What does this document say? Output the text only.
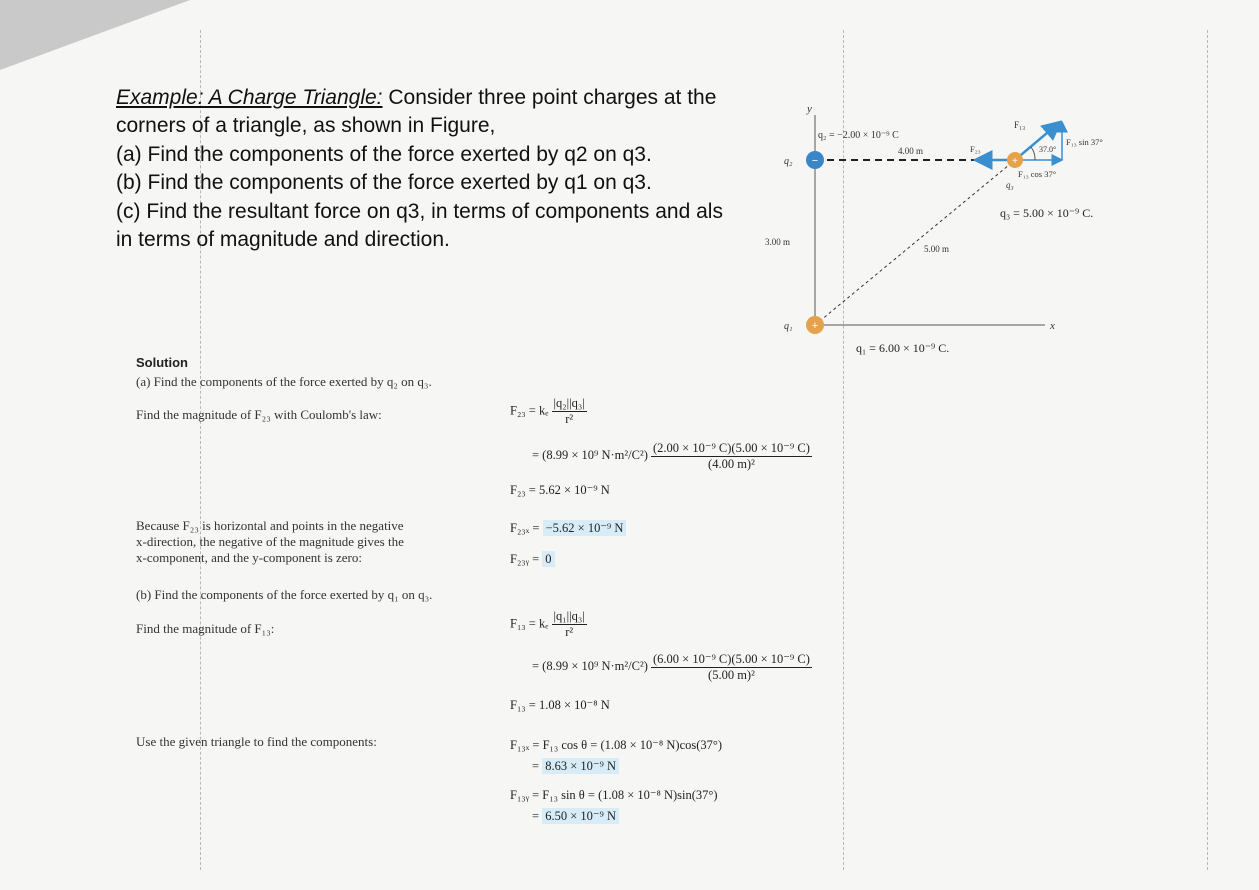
Example: A Charge Triangle: Consider three point charges at the
corners of a triangle, as shown in Figure,
(a) Find the components of the force exerted by q2 on q3.
(b) Find the components of the force exerted by q1 on q3.
(c) Find the resultant force on q3, in terms of components and als
in terms of magnitude and direction.
−
+
+
y
x
q₂
q₂ = −2.00 × 10⁻⁹ C
4.00 m
3.00 m
5.00 m
q₁
q₁ = 6.00 × 10⁻⁹ C.
q₃
q₃ = 5.00 × 10⁻⁹ C.
F₂₃
F₁₃
37.0°
F₁₃ sin 37°
F₁₃ cos 37°
Solution
(a) Find the components of the force exerted by q₂ on q₃.
Find the magnitude of F₂₃ with Coulomb's law:	F₂₃ = kₑ $\frac{\text{|q₂||q₃|}}{\text{r²}}$
= (8.99 × 10⁹ $N\cdot m^2/C^2) \frac{\text{(2.00 × 10⁻⁹ C)(5.00 × 10⁻⁹ C)}}{\text{(4.00 m)²}}$
F₂₃ = 5.62 × 10⁻⁹ N
Because F₂₃ is horizontal and points in the negative
x-direction, the negative of the magnitude gives the
x-component, and the y-component is zero:
F₂₃ₓ = −5.62 × 10⁻⁹ N
F₂₃ᵧ = 0
(b) Find the components of the force exerted by q₁ on q₃.
Find the magnitude of F₁₃:	F₁₃ = kₑ $\frac{\text{|q₁||q₃|}}{\text{r²}}$
= (8.99 × 10⁹ $N\cdot m^2/C^2) \frac{\text{(6.00 × 10⁻⁹ C)(5.00 × 10⁻⁹ C)}}{\text{(5.00 m)²}}$
F₁₃ = 1.08 × 10⁻⁸ N
Use the given triangle to find the components:	F₁₃ₓ = F₁₃ cos θ = (1.08 × 10⁻⁸ N)cos(37°)
= 8.63 × 10⁻⁹ N
F₁₃ᵧ = F₁₃ sin θ = (1.08 × 10⁻⁸ N)sin(37°)
= 6.50 × 10⁻⁹ N
